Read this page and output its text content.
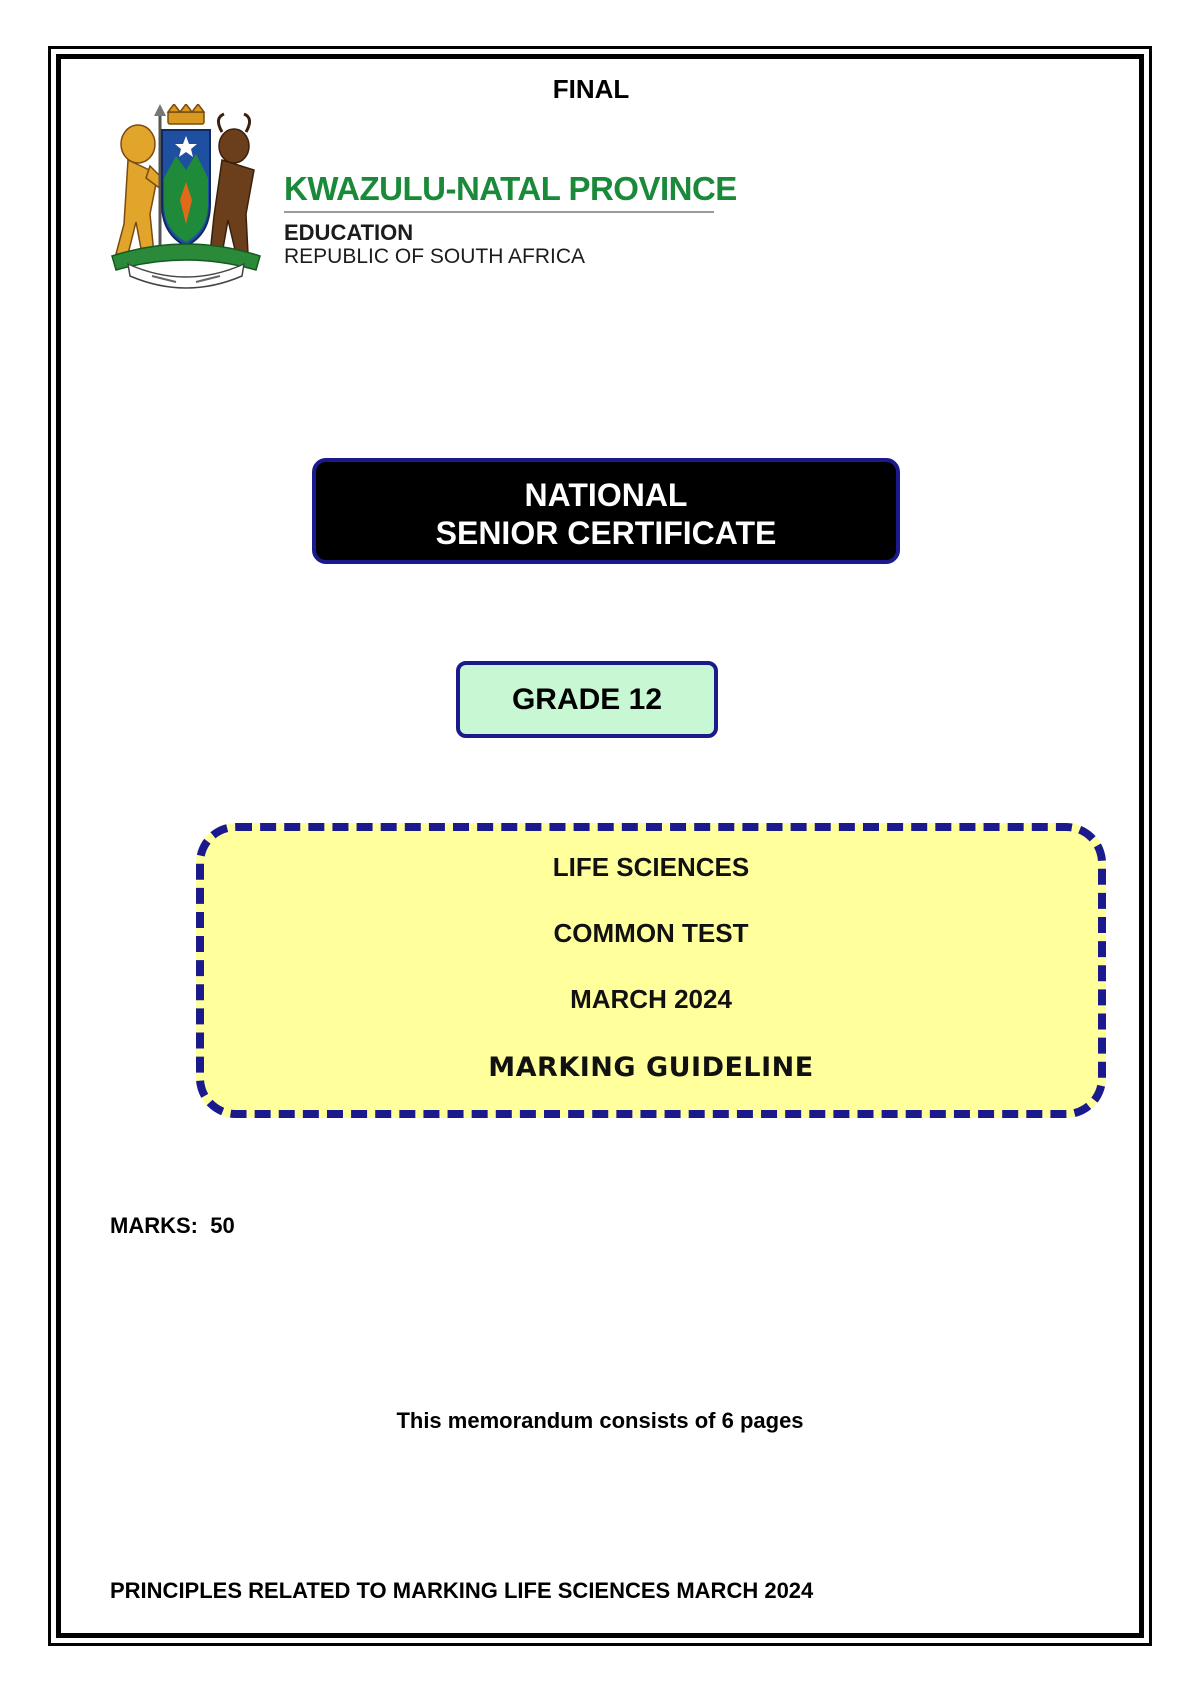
FINAL
KWAZULU-NATAL PROVINCE
EDUCATION
REPUBLIC OF SOUTH AFRICA
NATIONAL
SENIOR CERTIFICATE
GRADE 12
LIFE SCIENCES
COMMON TEST
MARCH 2024
MARKING GUIDELINE
MARKS: 50
This memorandum consists of 6 pages
PRINCIPLES RELATED TO MARKING LIFE SCIENCES MARCH 2024
